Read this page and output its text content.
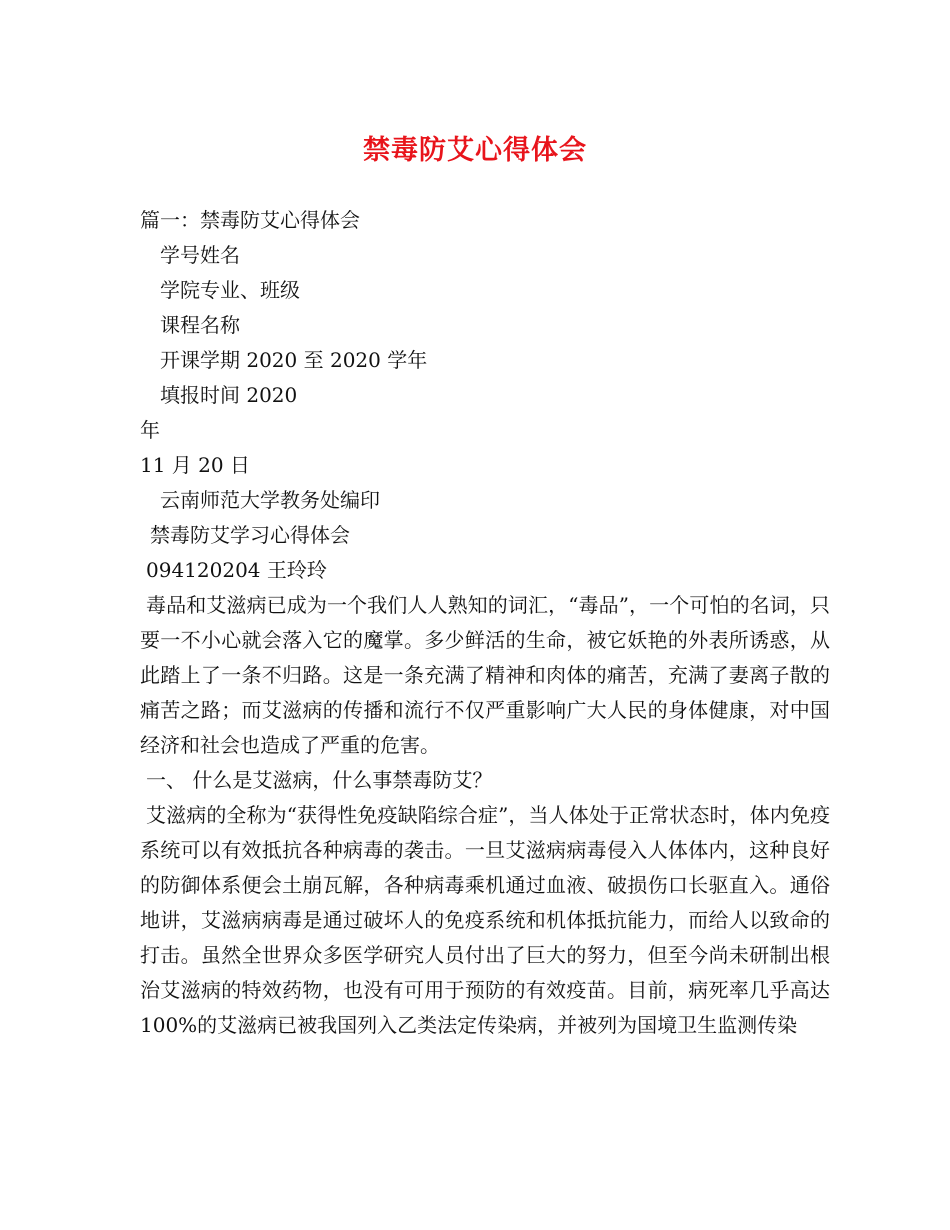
禁毒防艾心得体会
篇一：禁毒防艾心得体会
学号姓名
学院专业、班级
课程名称
开课学期 2020 至 2020 学年
填报时间 2020
年
11 月 20 日
云南师范大学教务处编印
禁毒防艾学习心得体会
094120204 王玲玲

毒品和艾滋病已成为一个我们人人熟知的词汇，“毒品”，一个可怕的名词，只要一不小心就会落入它的魔掌。多少鲜活的生命，被它妖艳的外表所诱惑，从此踏上了一条不归路。这是一条充满了精神和肉体的痛苦，充满了妻离子散的痛苦之路；而艾滋病的传播和流行不仅严重影响广大人民的身体健康，对中国经济和社会也造成了严重的危害。

一、 什么是艾滋病，什么事禁毒防艾？

艾滋病的全称为“获得性免疫缺陷综合症”，当人体处于正常状态时，体内免疫系统可以有效抵抗各种病毒的袭击。一旦艾滋病病毒侵入人体体内，这种良好的防御体系便会土崩瓦解，各种病毒乘机通过血液、破损伤口长驱直入。通俗地讲，艾滋病病毒是通过破坏人的免疫系统和机体抵抗能力，而给人以致命的打击。虽然全世界众多医学研究人员付出了巨大的努力，但至今尚未研制出根治艾滋病的特效药物，也没有可用于预防的有效疫苗。目前，病死率几乎高达 100%的艾滋病已被我国列入乙类法定传染病，并被列为国境卫生监测传染
